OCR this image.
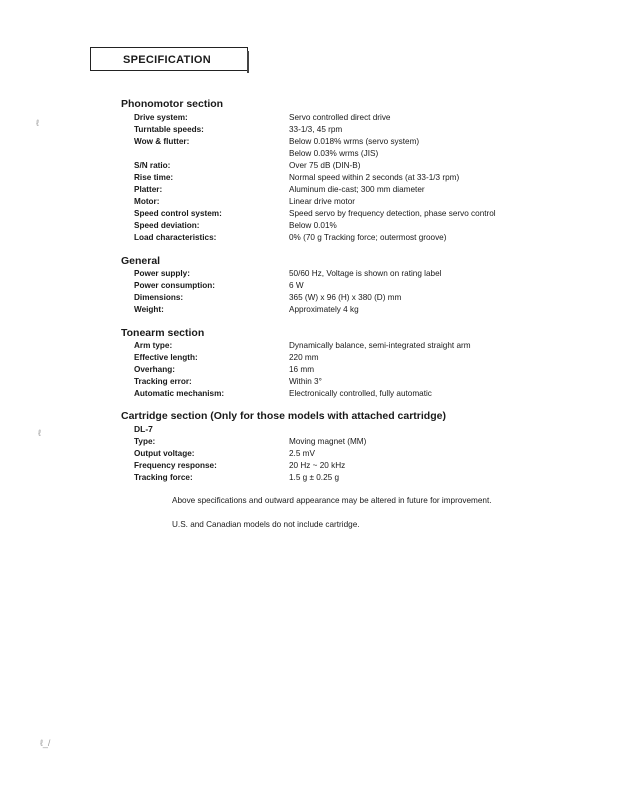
SPECIFICATION
Phonomotor section
Drive system:	Servo controlled direct drive
Turntable speeds:	33-1/3, 45 rpm
Wow & flutter:	Below 0.018% wrms (servo system)
Below 0.03% wrms (JIS)
S/N ratio:	Over 75 dB (DIN-B)
Rise time:	Normal speed within 2 seconds (at 33-1/3 rpm)
Platter:	Aluminum die-cast; 300 mm diameter
Motor:	Linear drive motor
Speed control system:	Speed servo by frequency detection, phase servo control
Speed deviation:	Below 0.01%
Load characteristics:	0% (70 g Tracking force; outermost groove)
General
Power supply:	50/60 Hz, Voltage is shown on rating label
Power consumption:	6 W
Dimensions:	365 (W) x 96 (H) x 380 (D) mm
Weight:	Approximately 4 kg
Tonearm section
Arm type:	Dynamically balance, semi-integrated straight arm
Effective length:	220 mm
Overhang:	16 mm
Tracking error:	Within 3°
Automatic mechanism:	Electronically controlled, fully automatic
Cartridge section (Only for those models with attached cartridge)
DL-7
Type:	Moving magnet (MM)
Output voltage:	2.5 mV
Frequency response:	20 Hz ~ 20 kHz
Tracking force:	1.5 g ± 0.25 g
Above specifications and outward appearance may be altered in future for improvement.
U.S. and Canadian models do not include cartridge.
ℓ
ℓ
ℓ_/
